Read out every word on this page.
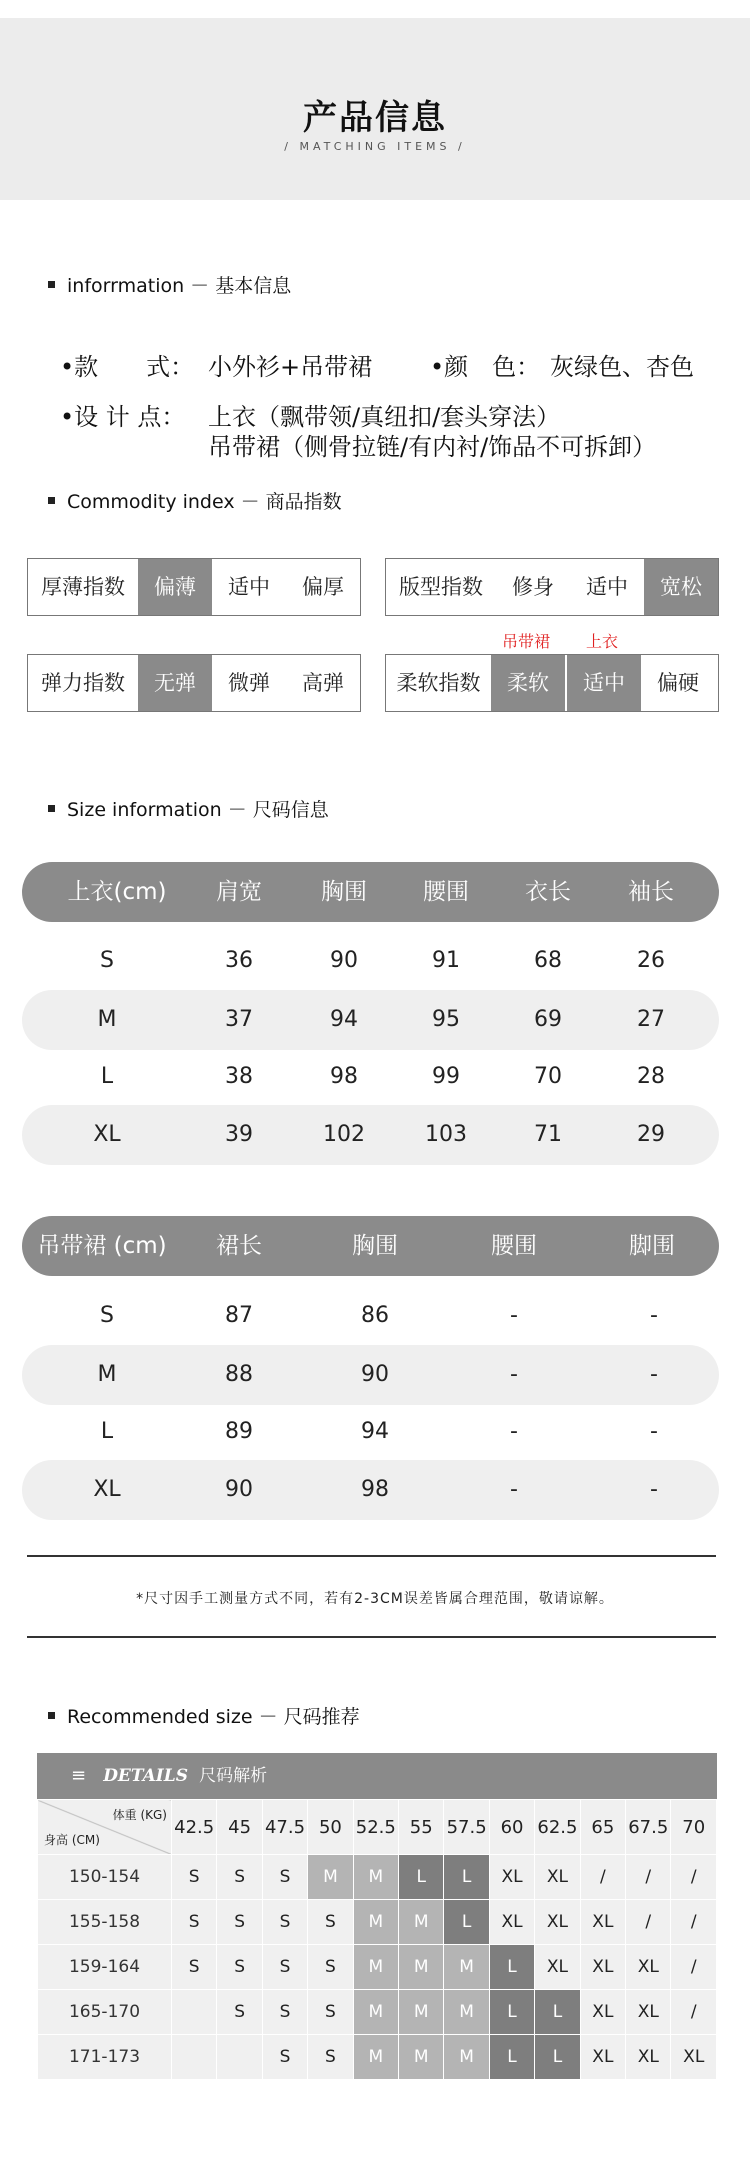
产品信息
/ MATCHING ITEMS /
inforrmation － 基本信息
•款　　式： 小外衫+吊带裙 •颜　色： 灰绿色、杏色
•设 计 点： 上衣（飘带领/真纽扣/套头穿法）
吊带裙（侧骨拉链/有内衬/饰品不可拆卸）
Commodity index － 商品指数
厚薄指数	偏薄	适中	偏厚	版型指数	修身	适中	宽松
吊带裙 上衣
弹力指数	无弹	微弹	高弹	柔软指数	柔软	适中	偏硬
Size information － 尺码信息
上衣(cm) 肩宽	胸围 腰围 衣长 袖长
S	36	90	91	68	26
M	37	94	95	69	27
L	38	98	99	70	28
XL	39	102	103	71	29
吊带裙 (cm) 裙长	胸围	腰围	脚围
S	87	86	-	-
M	88	90	-	-
L	89	94	-	-
XL	90	98	-	-
*尺寸因手工测量方式不同，若有2-3CM误差皆属合理范围，敬请谅解。
Recommended size － 尺码推荐
≡ DETAILS 尺码解析
体重 (KG)
身高 (CM)	42.5	45	47.5	50	52.5	55	57.5	60	62.5	65	67.5	70
150-154	S	S	S	M	M	L	L	XL	XL	/	/	/
155-158	S	S	S	S	M	M	L	XL	XL	XL	/	/
159-164	S	S	S	S	M	M	M	L	XL	XL	XL	/
165-170		S	S	S	M	M	M	L	L	XL	XL	/
171-173			S	S	M	M	M	L	L	XL	XL	XL
